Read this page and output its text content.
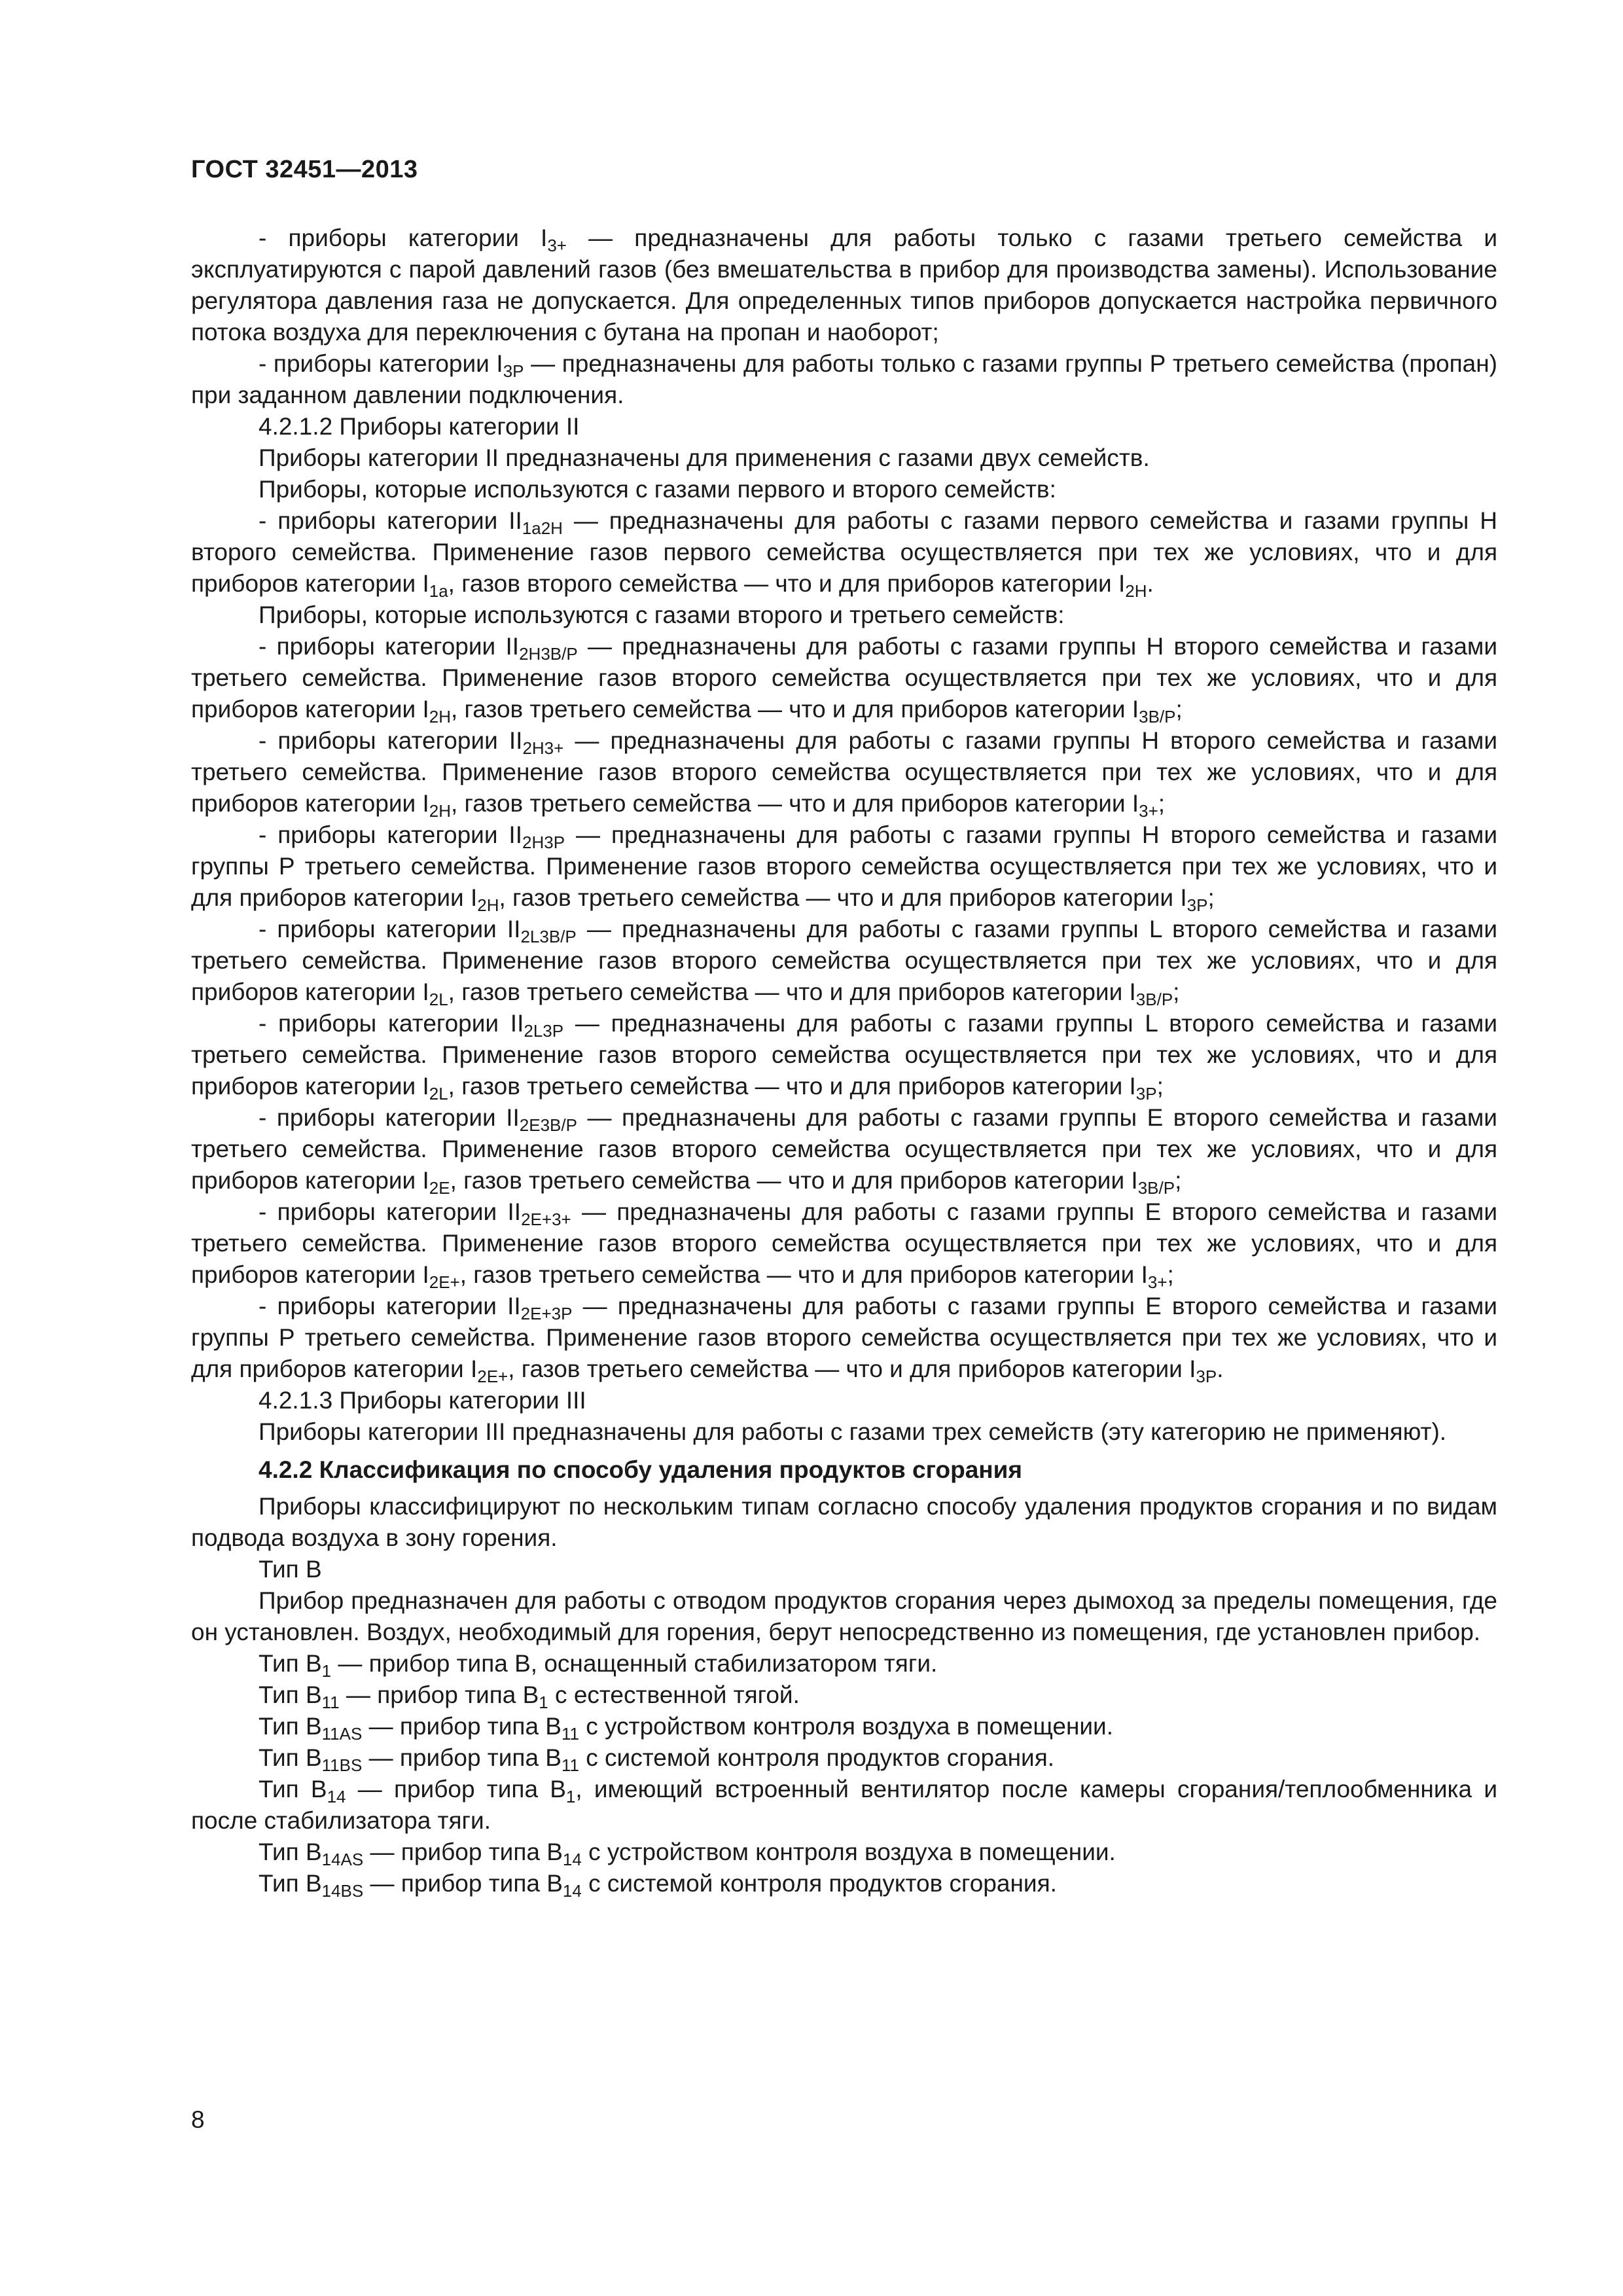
ГОСТ 32451—2013

- приборы категории $I_{3+}$ — предназначены для работы только с газами третьего семейства и эксплуатируются с парой давлений газов (без вмешательства в прибор для производства замены). Использование регулятора давления газа не допускается. Для определенных типов приборов допускается настройка первичного потока воздуха для переключения с бутана на пропан и наоборот;

- приборы категории $I_{3P}$ — предназначены для работы только с газами группы Р третьего семейства (пропан) при заданном давлении подключения.

4.2.1.2 Приборы категории II

Приборы категории II предназначены для применения с газами двух семейств.

Приборы, которые используются с газами первого и второго семейств:

- приборы категории $II_{1a2H}$ — предназначены для работы с газами первого семейства и газами группы Н второго семейства. Применение газов первого семейства осуществляется при тех же условиях, что и для приборов категории $I_{1a}$, газов второго семейства — что и для приборов категории $I_{2H}$.

Приборы, которые используются с газами второго и третьего семейств:

- приборы категории $II_{2H3B/P}$ — предназначены для работы с газами группы Н второго семейства и газами третьего семейства. Применение газов второго семейства осуществляется при тех же условиях, что и для приборов категории $I_{2H}$, газов третьего семейства — что и для приборов категории $I_{3B/P}$;

- приборы категории $II_{2H3+}$ — предназначены для работы с газами группы Н второго семейства и газами третьего семейства. Применение газов второго семейства осуществляется при тех же условиях, что и для приборов категории $I_{2H}$, газов третьего семейства — что и для приборов категории $I_{3+}$;

- приборы категории $II_{2H3P}$ — предназначены для работы с газами группы Н второго семейства и газами группы Р третьего семейства. Применение газов второго семейства осуществляется при тех же условиях, что и для приборов категории $I_{2H}$, газов третьего семейства — что и для приборов категории $I_{3P}$;

- приборы категории $II_{2L3B/P}$ — предназначены для работы с газами группы L второго семейства и газами третьего семейства. Применение газов второго семейства осуществляется при тех же условиях, что и для приборов категории $I_{2L}$, газов третьего семейства — что и для приборов категории $I_{3B/P}$;

- приборы категории $II_{2L3P}$ — предназначены для работы с газами группы L второго семейства и газами третьего семейства. Применение газов второго семейства осуществляется при тех же условиях, что и для приборов категории $I_{2L}$, газов третьего семейства — что и для приборов категории $I_{3P}$;

- приборы категории $II_{2E3B/P}$ — предназначены для работы с газами группы Е второго семейства и газами третьего семейства. Применение газов второго семейства осуществляется при тех же условиях, что и для приборов категории $I_{2E}$, газов третьего семейства — что и для приборов категории $I_{3B/P}$;

- приборы категории $II_{2E+3+}$ — предназначены для работы с газами группы Е второго семейства и газами третьего семейства. Применение газов второго семейства осуществляется при тех же условиях, что и для приборов категории $I_{2E+}$, газов третьего семейства — что и для приборов категории $I_{3+}$;

- приборы категории $II_{2E+3P}$ — предназначены для работы с газами группы Е второго семейства и газами группы Р третьего семейства. Применение газов второго семейства осуществляется при тех же условиях, что и для приборов категории $I_{2E+}$, газов третьего семейства — что и для приборов категории $I_{3P}$.

4.2.1.3 Приборы категории III

Приборы категории III предназначены для работы с газами трех семейств (эту категорию не применяют).

4.2.2 Классификация по способу удаления продуктов сгорания

Приборы классифицируют по нескольким типам согласно способу удаления продуктов сгорания и по видам подвода воздуха в зону горения.

Тип В

Прибор предназначен для работы с отводом продуктов сгорания через дымоход за пределы помещения, где он установлен. Воздух, необходимый для горения, берут непосредственно из помещения, где установлен прибор.

Тип $В_1$ — прибор типа В, оснащенный стабилизатором тяги.

Тип $В_{11}$ — прибор типа $В_1$ с естественной тягой.

Тип $В_{11AS}$ — прибор типа $В_{11}$ с устройством контроля воздуха в помещении.

Тип $В_{11BS}$ — прибор типа $В_{11}$ с системой контроля продуктов сгорания.

Тип $В_{14}$ — прибор типа $В_1$, имеющий встроенный вентилятор после камеры сгорания/теплообменника и после стабилизатора тяги.

Тип $В_{14AS}$ — прибор типа $В_{14}$ с устройством контроля воздуха в помещении.

Тип $В_{14BS}$ — прибор типа $В_{14}$ с системой контроля продуктов сгорания.

8
